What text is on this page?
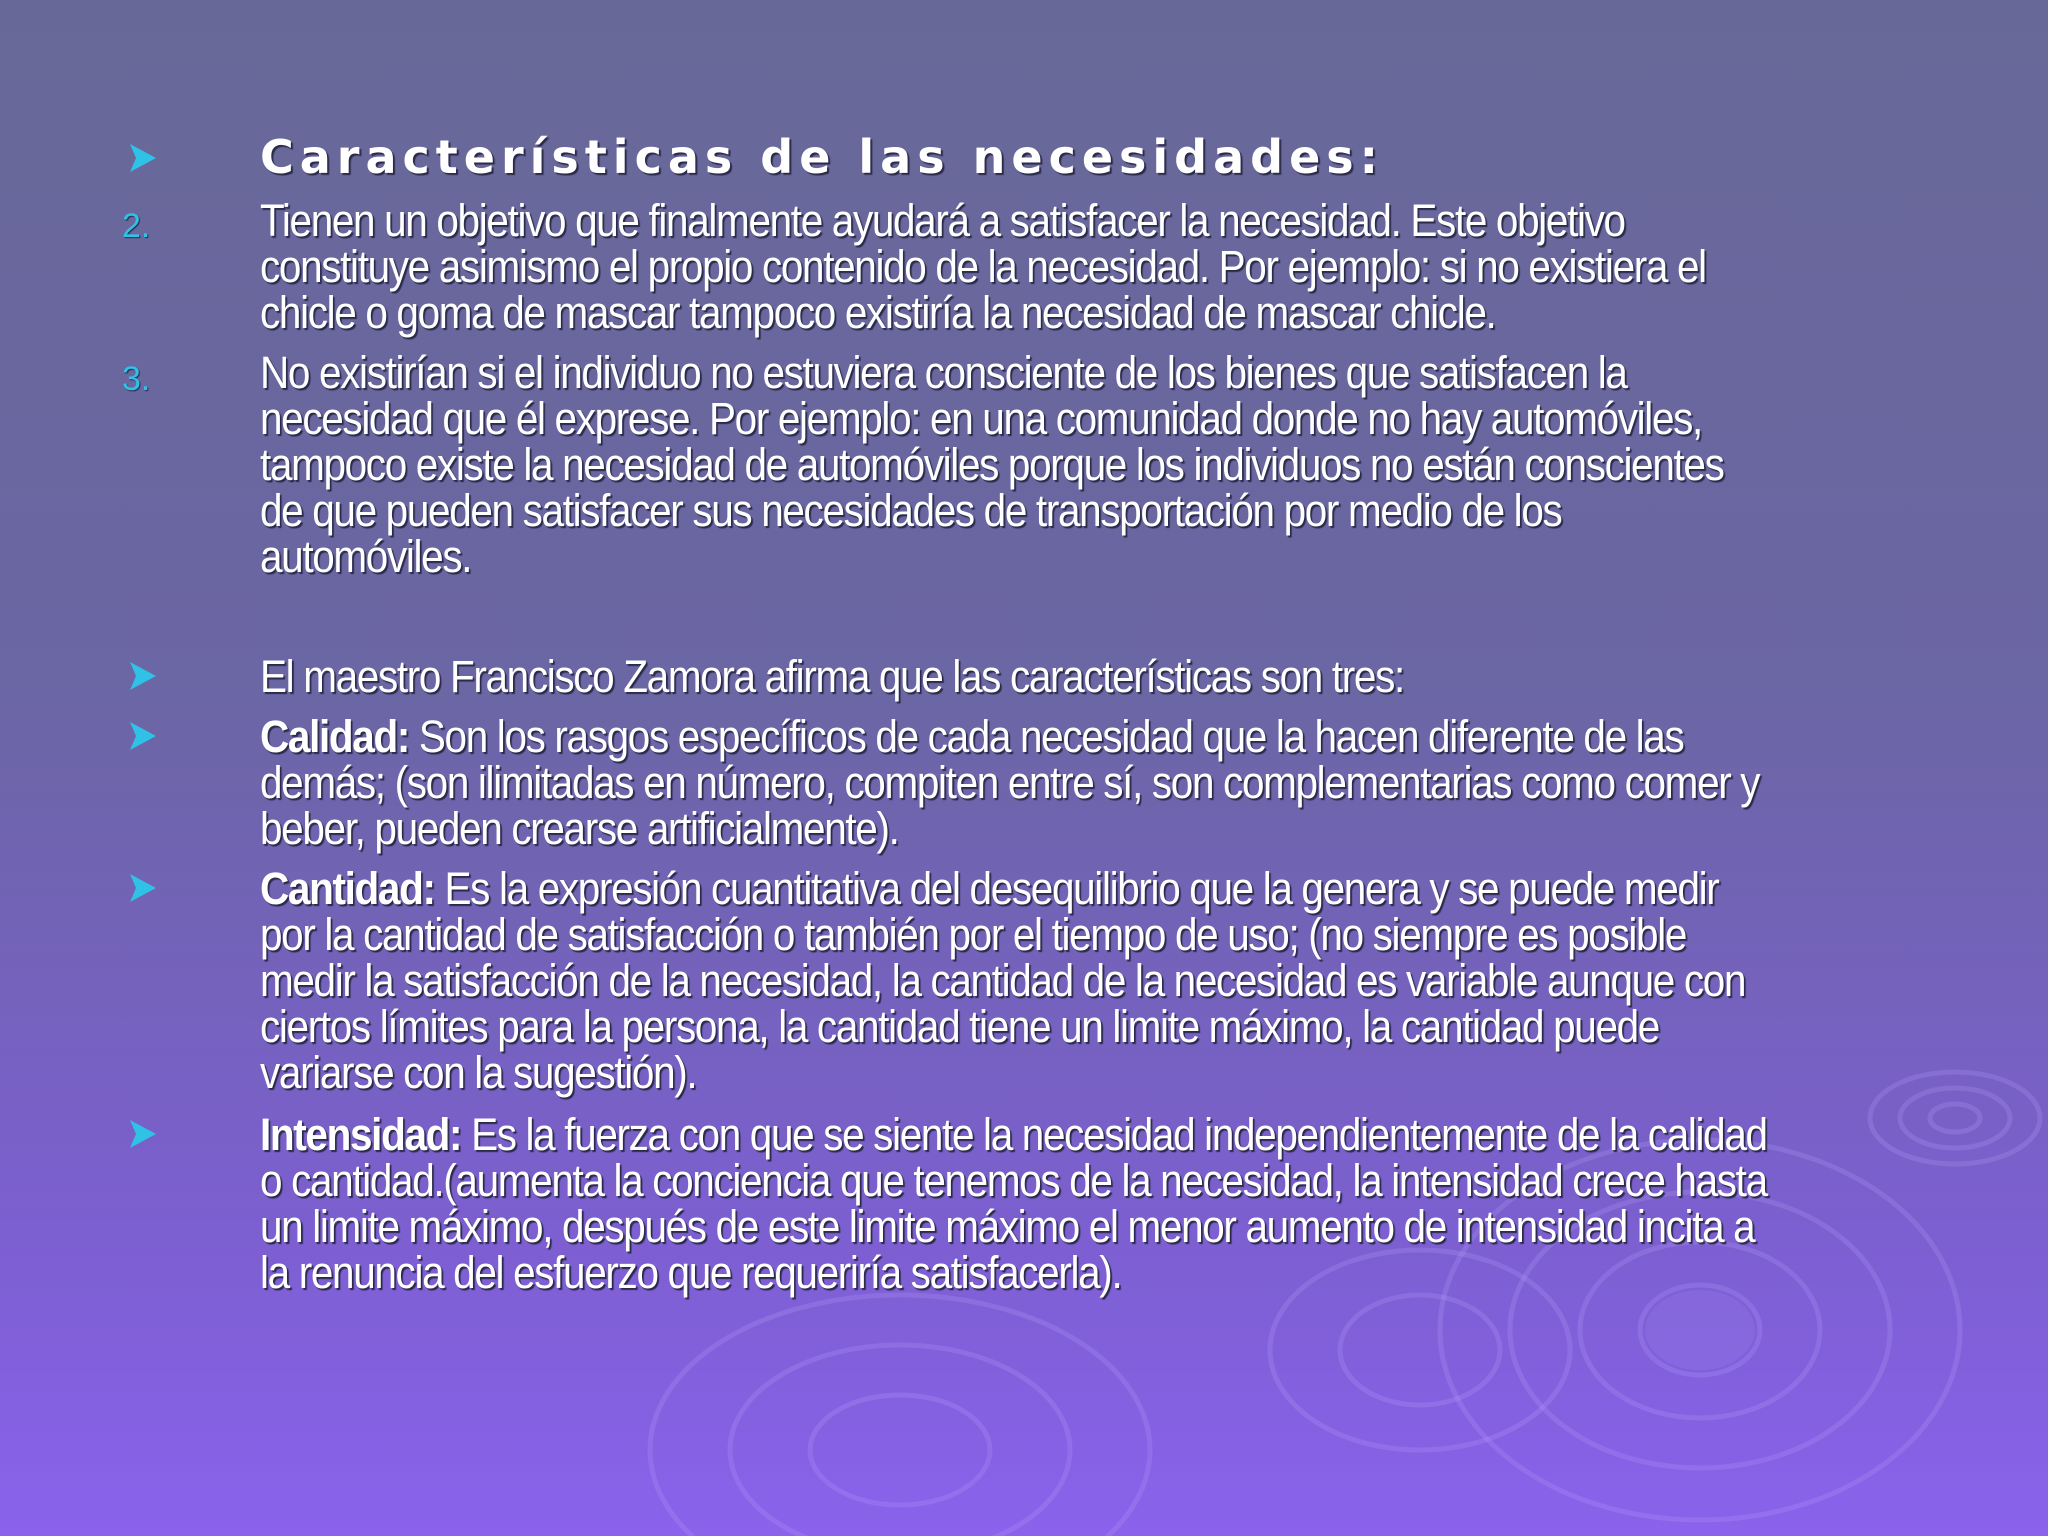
Características de las necesidades:
2. Tienen un objetivo que finalmente ayudará a satisfacer la necesidad. Este objetivo constituye asimismo el propio contenido de la necesidad. Por ejemplo: si no existiera el chicle o goma de mascar tampoco existiría la necesidad de mascar chicle.
3. No existirían si el individuo no estuviera consciente de los bienes que satisfacen la necesidad que él exprese. Por ejemplo: en una comunidad donde no hay automóviles, tampoco existe la necesidad de automóviles porque los individuos no están conscientes de que pueden satisfacer sus necesidades de transportación por medio de los automóviles.
El maestro Francisco Zamora afirma que las características son tres:
Calidad: Son los rasgos específicos de cada necesidad que la hacen diferente de las demás; (son ilimitadas en número, compiten entre sí, son complementarias como comer y beber, pueden crearse artificialmente).
Cantidad: Es la expresión cuantitativa del desequilibrio que la genera y se puede medir por la cantidad de satisfacción o también por el tiempo de uso; (no siempre es posible medir la satisfacción de la necesidad, la cantidad de la necesidad es variable aunque con ciertos límites para la persona, la cantidad tiene un limite máximo, la cantidad puede variarse con la sugestión).
Intensidad: Es la fuerza con que se siente la necesidad independientemente de la calidad o cantidad.(aumenta la conciencia que tenemos de la necesidad, la intensidad crece hasta un limite máximo, después de este limite máximo el menor aumento de intensidad incita a la renuncia del esfuerzo que requeriría satisfacerla).
